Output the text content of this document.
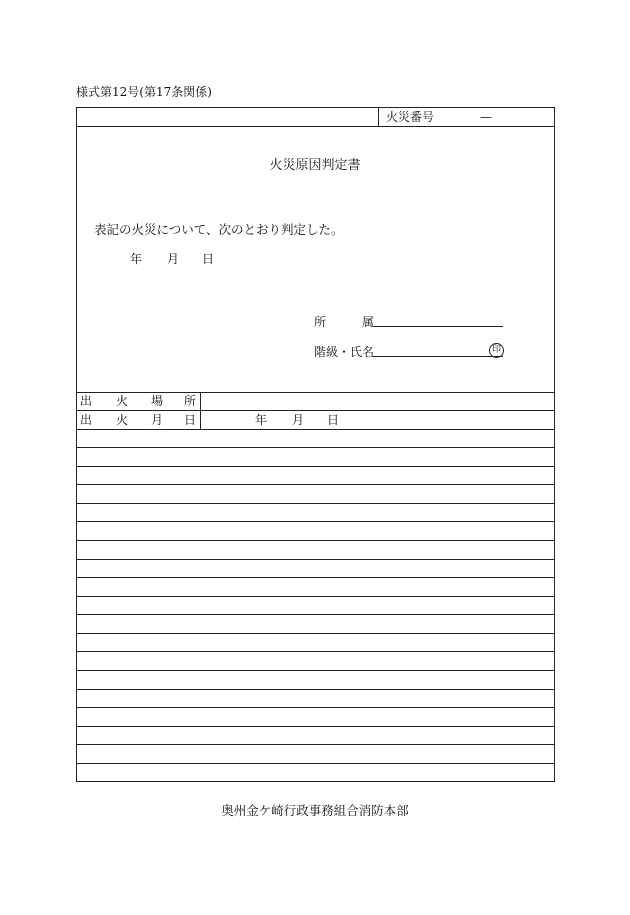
様式第12号(第17条関係)
火災番号	—
火災原因判定書
表記の火災について、次のとおり判定した。
年 月 日
所	属
階級・氏名	印
出 火 場 所
出 火 月 日	年 月 日
奥州金ケ崎行政事務組合消防本部
